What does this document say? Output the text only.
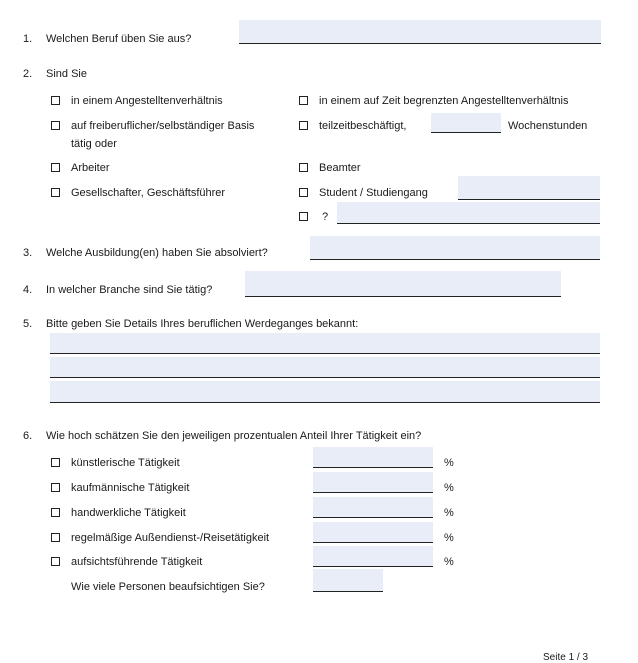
1. Welchen Beruf üben Sie aus?
2. Sind Sie
in einem Angestelltenverhältnis	in einem auf Zeit begrenzten Angestelltenverhältnis
auf freiberuflicher/selbständiger Basis
tätig oder
teilzeitbeschäftigt,	Wochenstunden
Arbeiter	Beamter
Gesellschafter, Geschäftsführer	Student / Studiengang
?
3. Welche Ausbildung(en) haben Sie absolviert?
4. In welcher Branche sind Sie tätig?
5. Bitte geben Sie Details Ihres beruflichen Werdeganges bekannt:
6. Wie hoch schätzen Sie den jeweiligen prozentualen Anteil Ihrer Tätigkeit ein?
künstlerische Tätigkeit	%
kaufmännische Tätigkeit	%
handwerkliche Tätigkeit	%
regelmäßige Außendienst-/Reisetätigkeit	%
aufsichtsführende Tätigkeit	%
Wie viele Personen beaufsichtigen Sie?
Seite 1 / 3
